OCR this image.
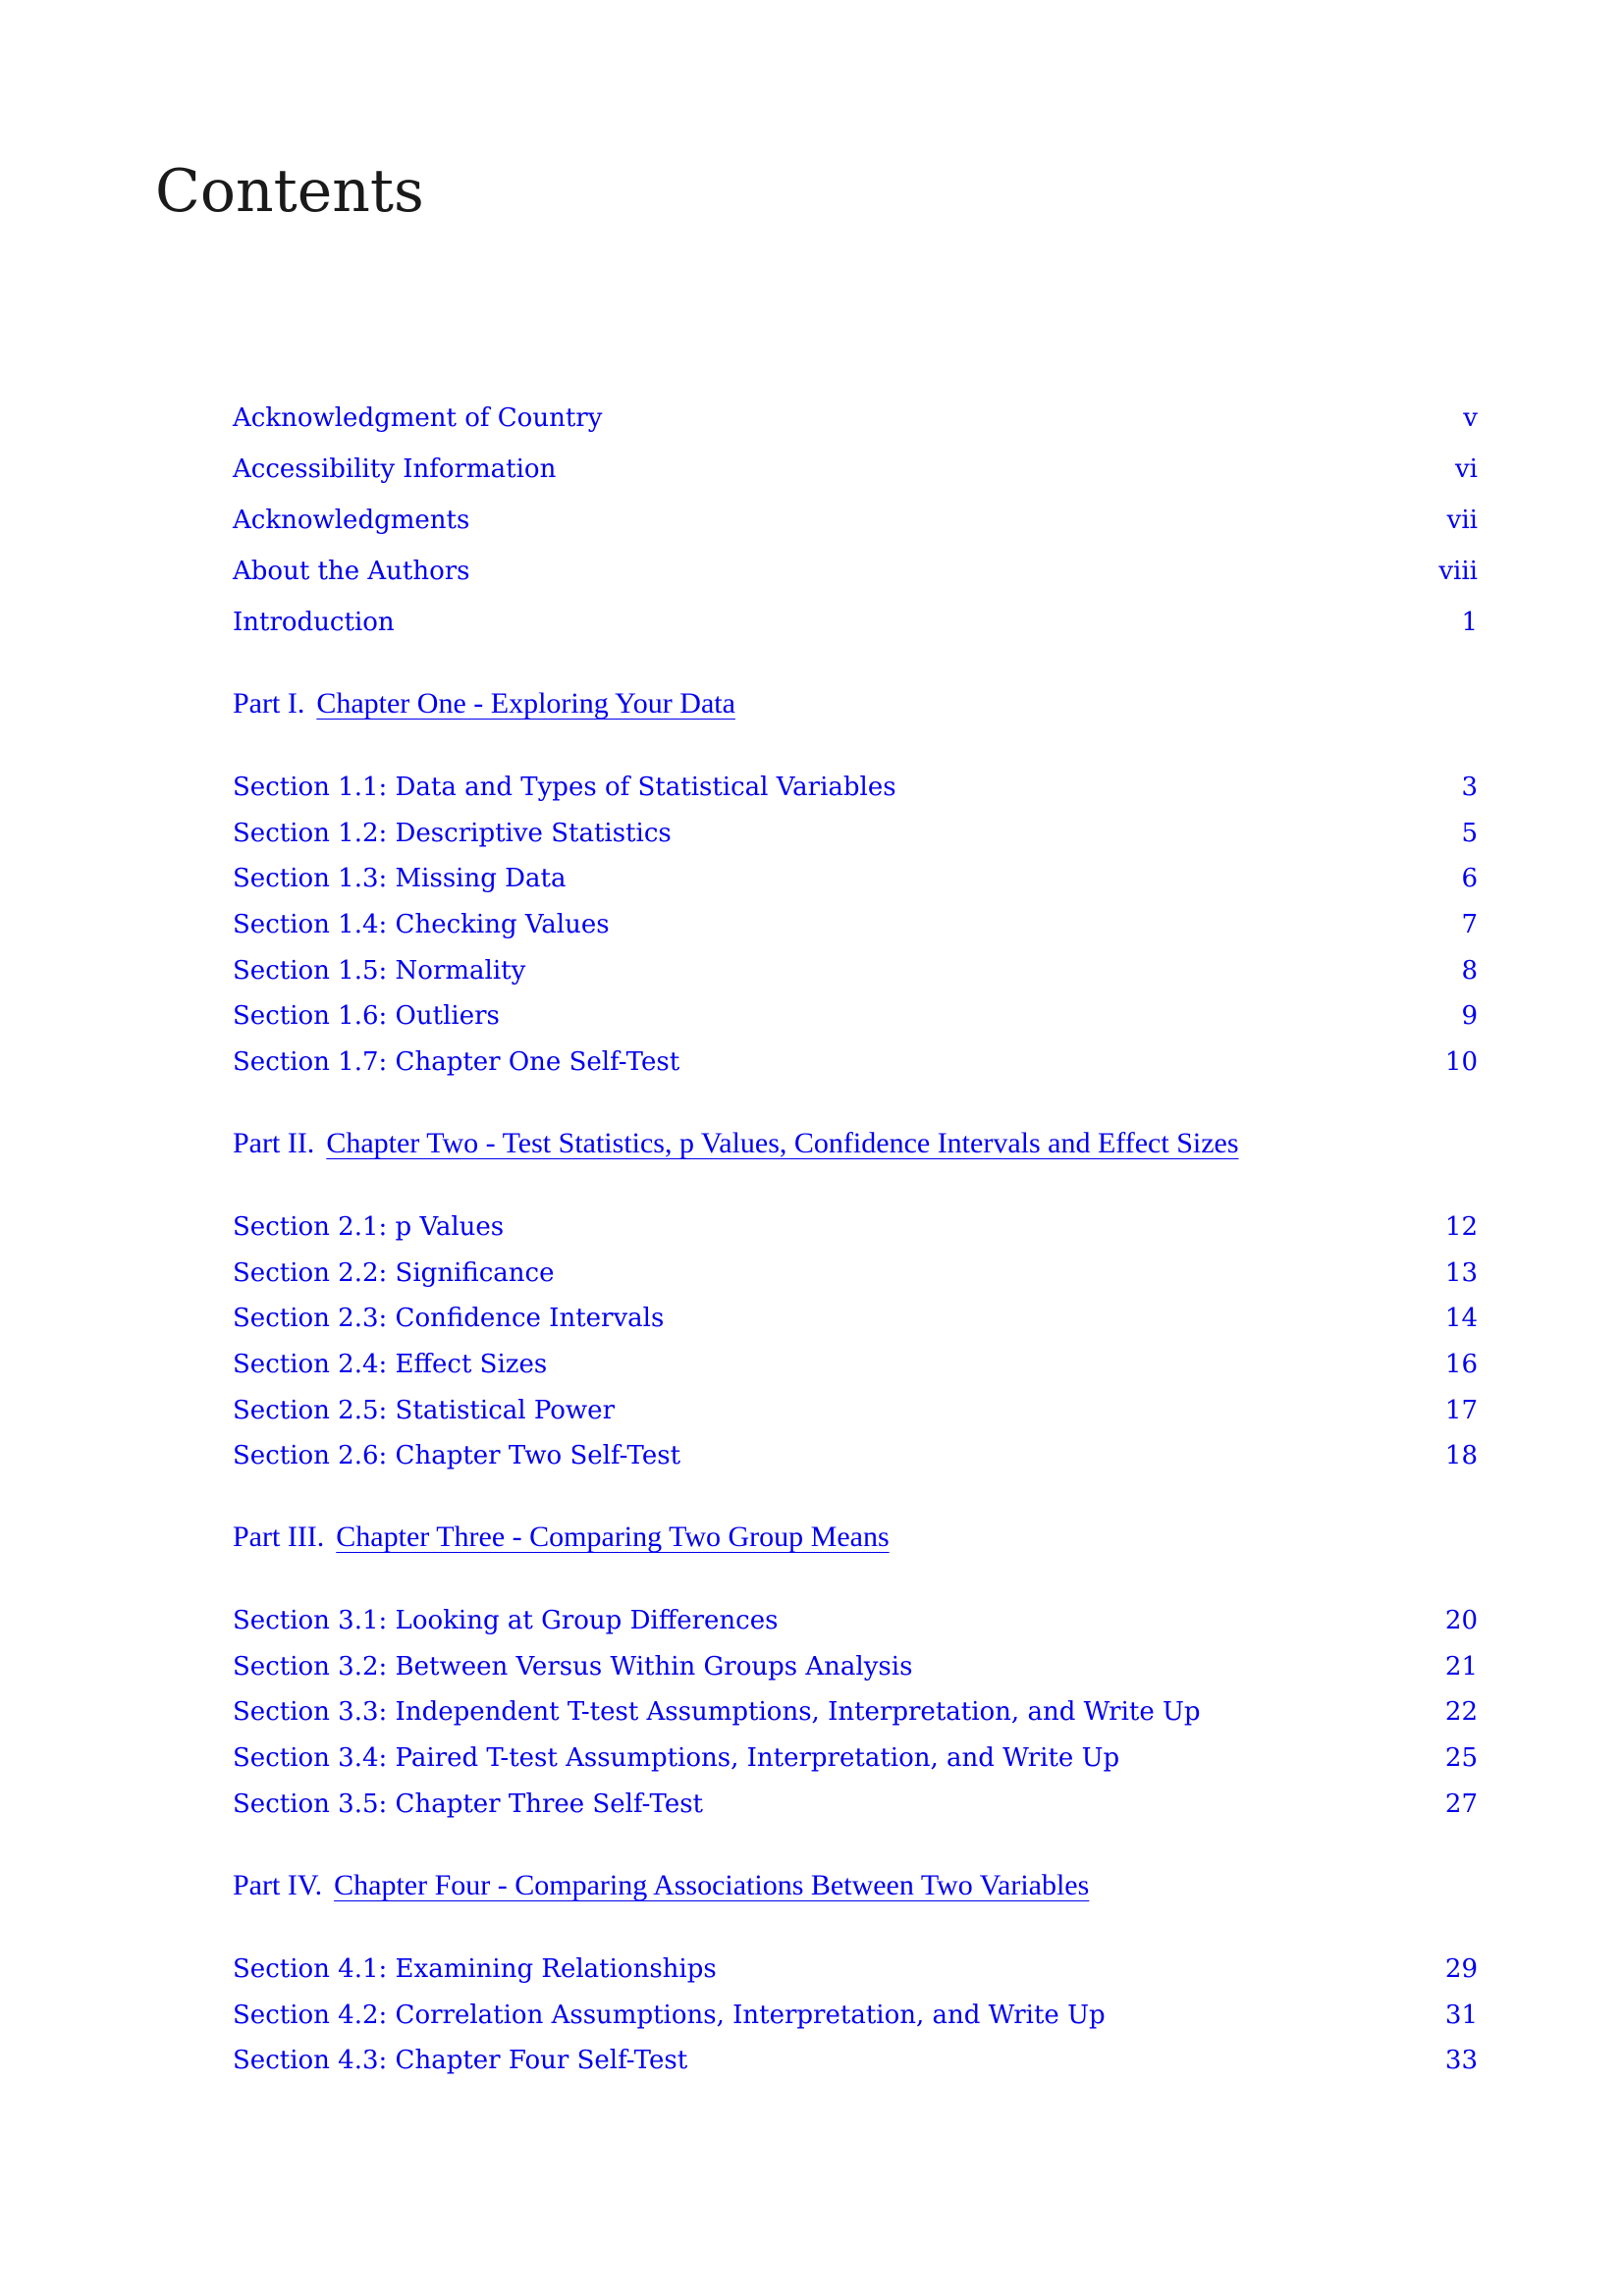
Contents
Acknowledgment of Country	v
Accessibility Information	vi
Acknowledgments	vii
About the Authors	viii
Introduction	1
Part I. Chapter One - Exploring Your Data
Section 1.1: Data and Types of Statistical Variables	3
Section 1.2: Descriptive Statistics	5
Section 1.3: Missing Data	6
Section 1.4: Checking Values	7
Section 1.5: Normality	8
Section 1.6: Outliers	9
Section 1.7: Chapter One Self-Test	10
Part II. Chapter Two - Test Statistics, p Values, Confidence Intervals and Effect Sizes
Section 2.1: p Values	12
Section 2.2: Significance	13
Section 2.3: Confidence Intervals	14
Section 2.4: Effect Sizes	16
Section 2.5: Statistical Power	17
Section 2.6: Chapter Two Self-Test	18
Part III. Chapter Three - Comparing Two Group Means
Section 3.1: Looking at Group Differences	20
Section 3.2: Between Versus Within Groups Analysis	21
Section 3.3: Independent T-test Assumptions, Interpretation, and Write Up	22
Section 3.4: Paired T-test Assumptions, Interpretation, and Write Up	25
Section 3.5: Chapter Three Self-Test	27
Part IV. Chapter Four - Comparing Associations Between Two Variables
Section 4.1: Examining Relationships	29
Section 4.2: Correlation Assumptions, Interpretation, and Write Up	31
Section 4.3: Chapter Four Self-Test	33
